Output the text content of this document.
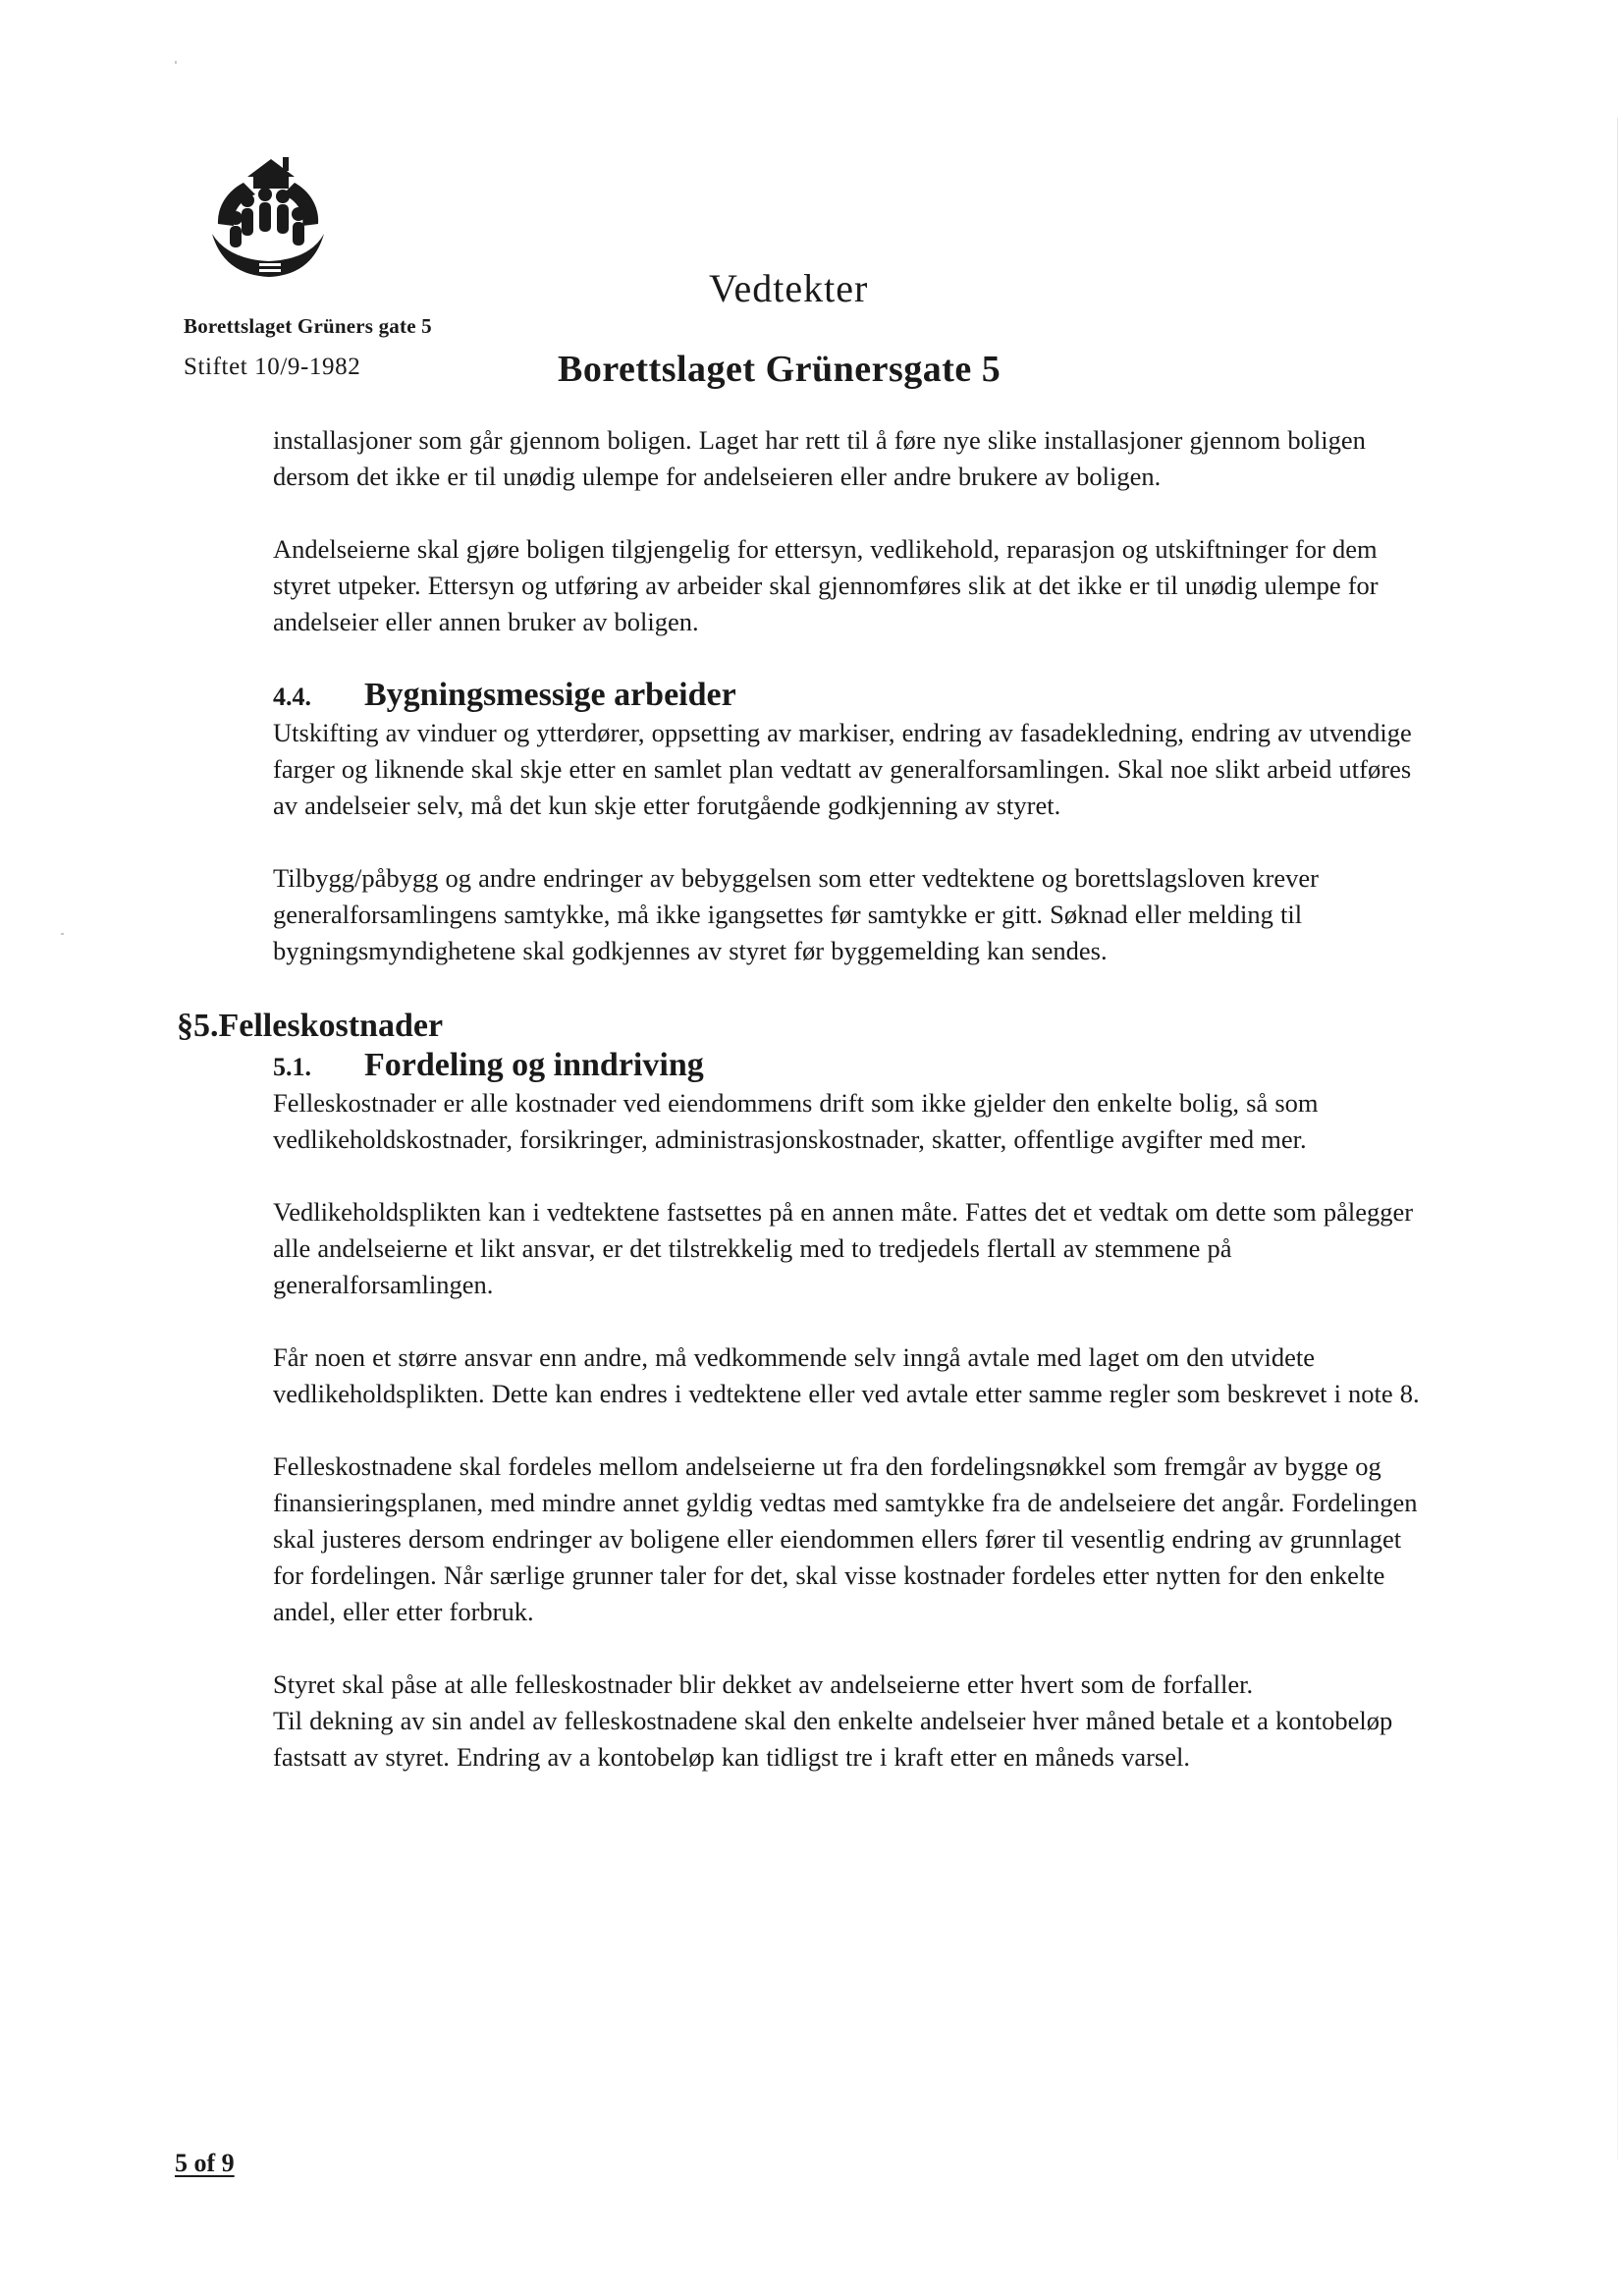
Borettslaget Grüners gate 5
Stiftet 10/9-1982
Vedtekter
Borettslaget Grünersgate 5

installasjoner som går gjennom boligen. Laget har rett til å føre nye slike installasjoner gjennom boligen dersom det ikke er til unødig ulempe for andelseieren eller andre brukere av boligen.

Andelseierne skal gjøre boligen tilgjengelig for ettersyn, vedlikehold, reparasjon og utskiftninger for dem styret utpeker. Ettersyn og utføring av arbeider skal gjennomføres slik at det ikke er til unødig ulempe for andelseier eller annen bruker av boligen.

4.4. Bygningsmessige arbeider

Utskifting av vinduer og ytterdører, oppsetting av markiser, endring av fasadekledning, endring av utvendige farger og liknende skal skje etter en samlet plan vedtatt av generalforsamlingen. Skal noe slikt arbeid utføres av andelseier selv, må det kun skje etter forutgående godkjenning av styret.

Tilbygg/påbygg og andre endringer av bebyggelsen som etter vedtektene og borettslagsloven krever generalforsamlingens samtykke, må ikke igangsettes før samtykke er gitt. Søknad eller melding til bygningsmyndighetene skal godkjennes av styret før byggemelding kan sendes.

§5.Felleskostnader

5.1. Fordeling og inndriving

Felleskostnader er alle kostnader ved eiendommens drift som ikke gjelder den enkelte bolig, så som vedlikeholdskostnader, forsikringer, administrasjonskostnader, skatter, offentlige avgifter med mer.

Vedlikeholdsplikten kan i vedtektene fastsettes på en annen måte. Fattes det et vedtak om dette som pålegger alle andelseierne et likt ansvar, er det tilstrekkelig med to tredjedels flertall av stemmene på generalforsamlingen.

Får noen et større ansvar enn andre, må vedkommende selv inngå avtale med laget om den utvidete vedlikeholdsplikten. Dette kan endres i vedtektene eller ved avtale etter samme regler som beskrevet i note 8.

Felleskostnadene skal fordeles mellom andelseierne ut fra den fordelingsnøkkel som fremgår av bygge og finansieringsplanen, med mindre annet gyldig vedtas med samtykke fra de andelseiere det angår. Fordelingen skal justeres dersom endringer av boligene eller eiendommen ellers fører til vesentlig endring av grunnlaget for fordelingen. Når særlige grunner taler for det, skal visse kostnader fordeles etter nytten for den enkelte andel, eller etter forbruk.

Styret skal påse at alle felleskostnader blir dekket av andelseierne etter hvert som de forfaller.

Til dekning av sin andel av felleskostnadene skal den enkelte andelseier hver måned betale et a kontobeløp fastsatt av styret. Endring av a kontobeløp kan tidligst tre i kraft etter en måneds varsel.

5 of 9
